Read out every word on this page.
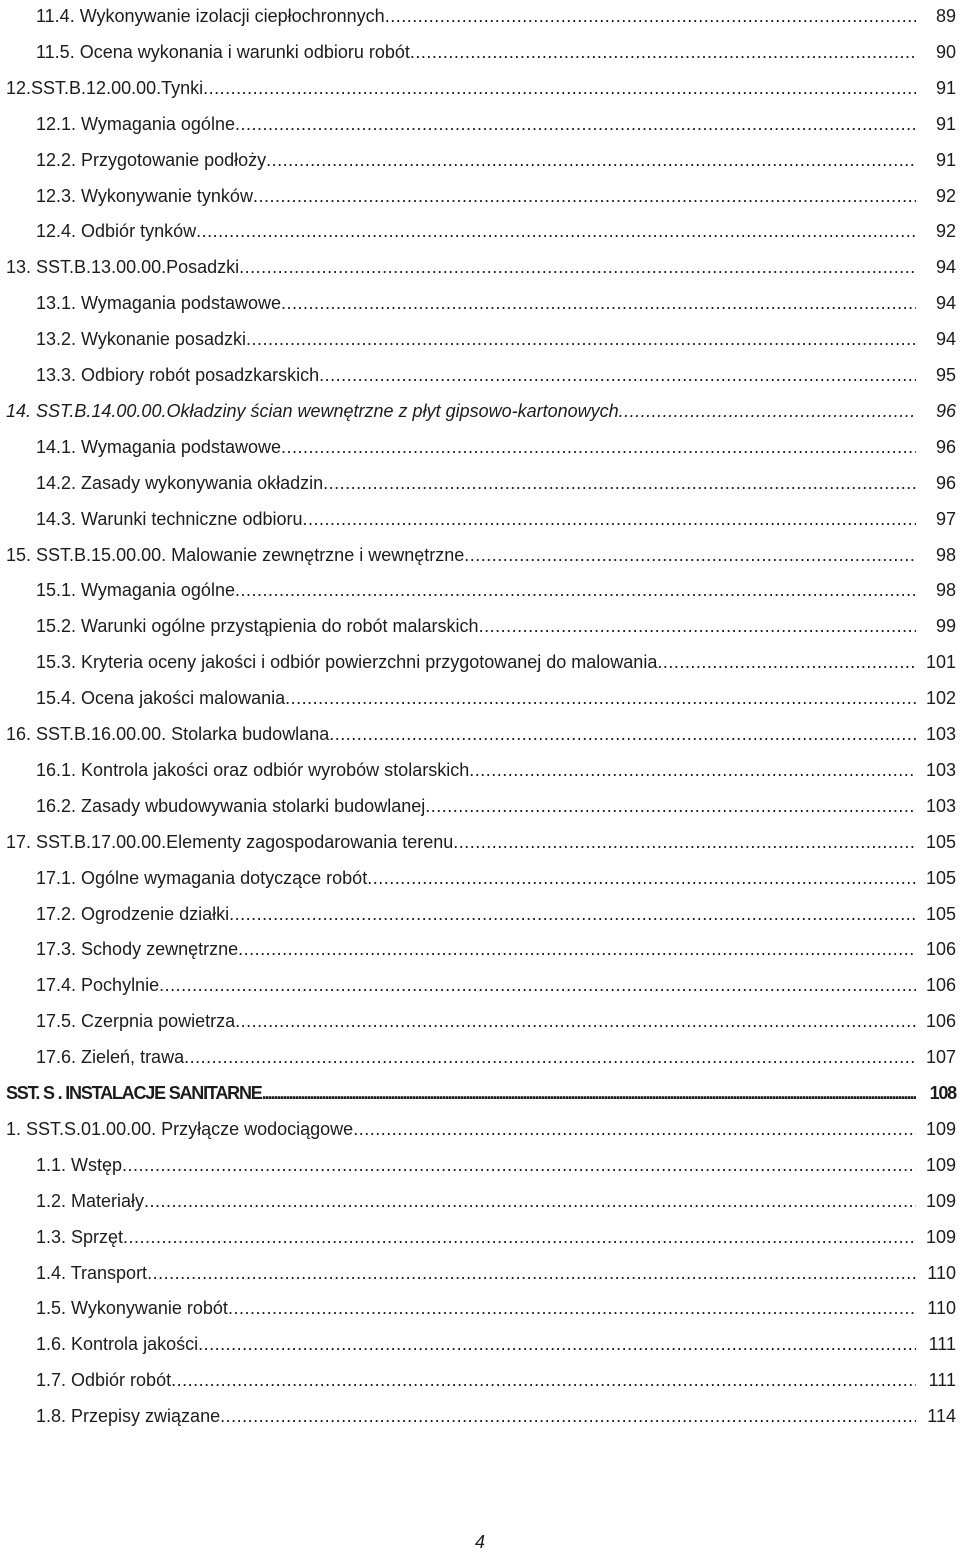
11.4. Wykonywanie izolacji ciepłochronnych .....	89
11.5. Ocena wykonania i warunki odbioru robót .....	90
12.SST.B.12.00.00.Tynki .....	91
12.1. Wymagania ogólne .....	91
12.2. Przygotowanie podłoży .....	91
12.3. Wykonywanie tynków .....	92
12.4. Odbiór tynków .....	92
13. SST.B.13.00.00.Posadzki .....	94
13.1. Wymagania podstawowe .....	94
13.2. Wykonanie posadzki .....	94
13.3. Odbiory robót posadzkarskich .....	95
14. SST.B.14.00.00.Okładziny ścian wewnętrzne z płyt gipsowo-kartonowych .....	96
14.1. Wymagania podstawowe .....	96
14.2. Zasady wykonywania okładzin .....	96
14.3. Warunki techniczne odbioru .....	97
15. SST.B.15.00.00. Malowanie zewnętrzne i wewnętrzne .....	98
15.1. Wymagania ogólne .....	98
15.2. Warunki ogólne przystąpienia do robót malarskich .....	99
15.3. Kryteria oceny jakości i odbiór powierzchni przygotowanej do malowania .....	101
15.4. Ocena jakości malowania .....	102
16. SST.B.16.00.00. Stolarka budowlana .....	103
16.1. Kontrola jakości oraz odbiór wyrobów stolarskich .....	103
16.2. Zasady wbudowywania stolarki budowlanej .....	103
17. SST.B.17.00.00.Elementy zagospodarowania terenu .....	105
17.1. Ogólne wymagania dotyczące robót .....	105
17.2. Ogrodzenie działki .....	105
17.3. Schody zewnętrzne .....	106
17.4. Pochylnie .....	106
17.5. Czerpnia powietrza .....	106
17.6. Zieleń, trawa .....	107
SST. S . INSTALACJE SANITARNE .....	108
1. SST.S.01.00.00. Przyłącze wodociągowe .....	109
1.1. Wstęp .....	109
1.2. Materiały .....	109
1.3. Sprzęt .....	109
1.4. Transport .....	110
1.5. Wykonywanie robót .....	110
1.6. Kontrola jakości .....	111
1.7. Odbiór robót .....	111
1.8. Przepisy związane .....	114
4
